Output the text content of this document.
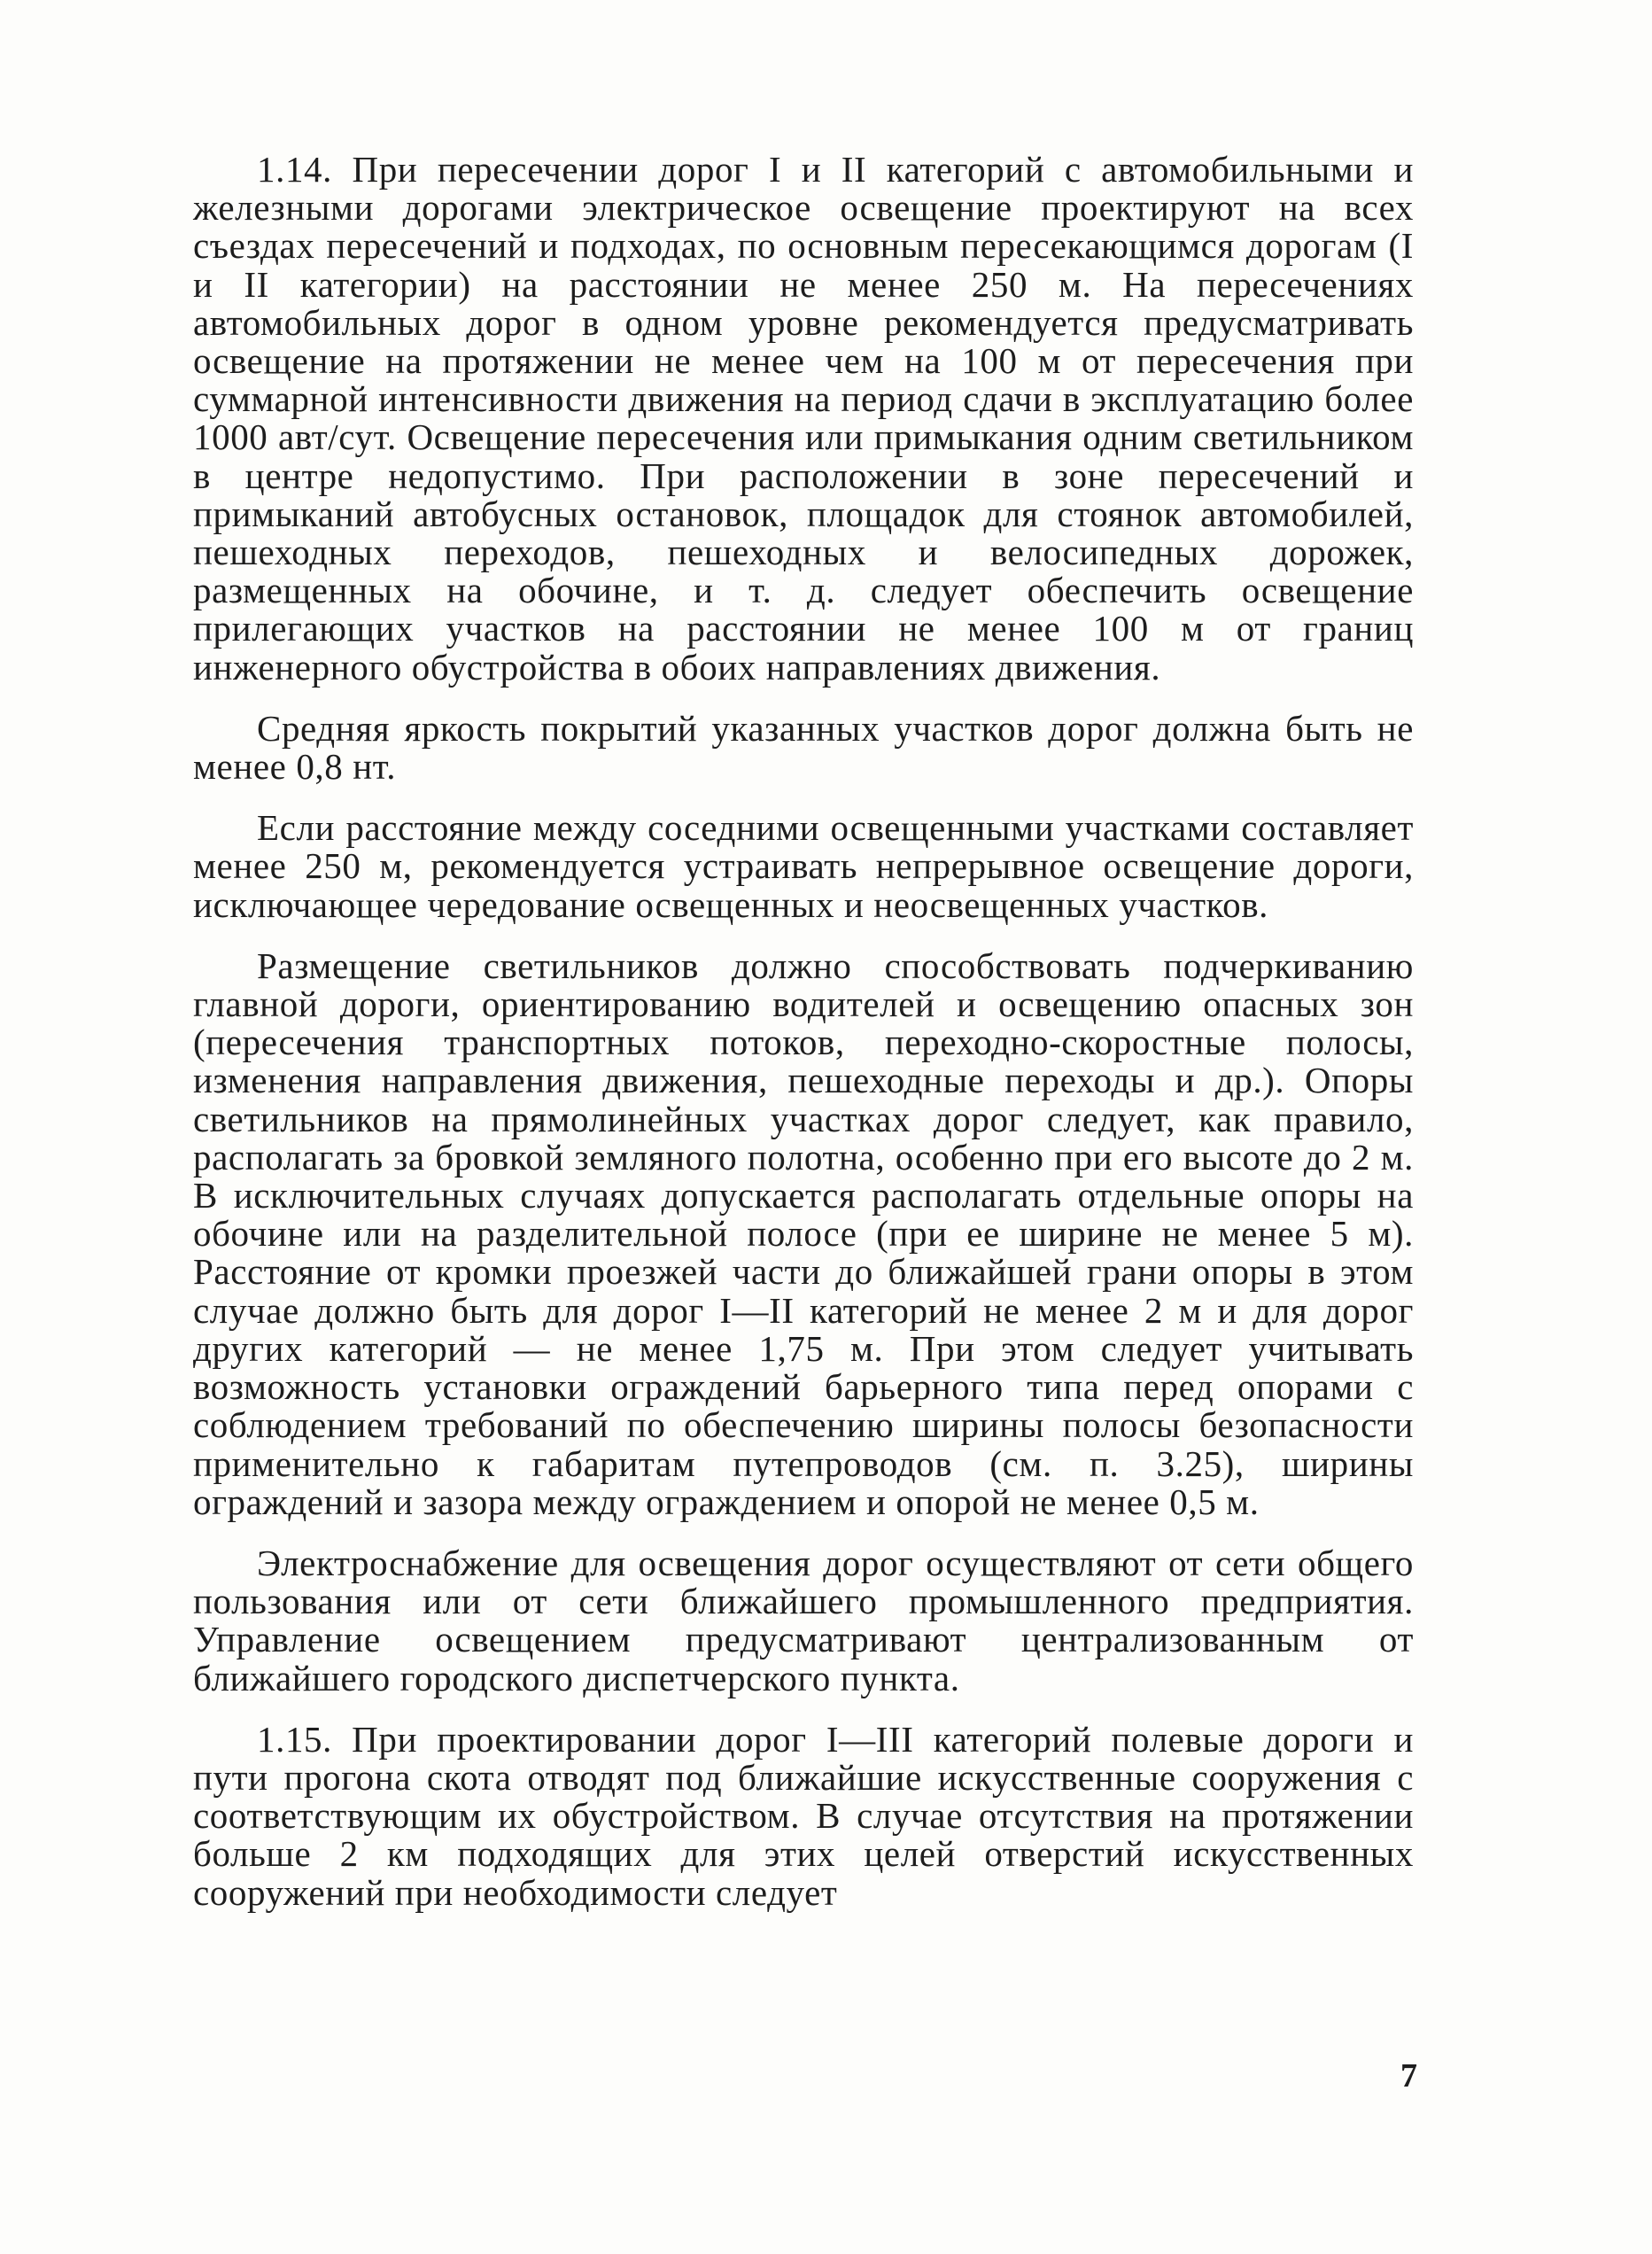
1.14. При пересечении дорог I и II категорий с автомобильными и железными дорогами электрическое освещение проектируют на всех съездах пересечений и подходах, по основным пересекающимся дорогам (I и II категории) на расстоянии не менее 250 м. На пересечениях автомобильных дорог в одном уровне рекомендуется предусматривать освещение на протяжении не менее чем на 100 м от пересечения при суммарной интенсивности движения на период сдачи в эксплуатацию более 1000 авт/сут. Освещение пересечения или примыкания одним светильником в центре недопустимо. При расположении в зоне пересечений и примыканий автобусных остановок, площадок для стоянок автомобилей, пешеходных переходов, пешеходных и велосипедных дорожек, размещенных на обочине, и т. д. следует обеспечить освещение прилегающих участков на расстоянии не менее 100 м от границ инженерного обустройства в обоих направлениях движения.

Средняя яркость покрытий указанных участков дорог должна быть не менее 0,8 нт.

Если расстояние между соседними освещенными участками составляет менее 250 м, рекомендуется устраивать непрерывное освещение дороги, исключающее чередование освещенных и неосвещенных участков.

Размещение светильников должно способствовать подчеркиванию главной дороги, ориентированию водителей и освещению опасных зон (пересечения транспортных потоков, переходно-скоростные полосы, изменения направления движения, пешеходные переходы и др.). Опоры светильников на прямолинейных участках дорог следует, как правило, располагать за бровкой земляного полотна, особенно при его высоте до 2 м. В исключительных случаях допускается располагать отдельные опоры на обочине или на разделительной полосе (при ее ширине не менее 5 м). Расстояние от кромки проезжей части до ближайшей грани опоры в этом случае должно быть для дорог I—II категорий не менее 2 м и для дорог других категорий — не менее 1,75 м. При этом следует учитывать возможность установки ограждений барьерного типа перед опорами с соблюдением требований по обеспечению ширины полосы безопасности применительно к габаритам путепроводов (см. п. 3.25), ширины ограждений и зазора между ограждением и опорой не менее 0,5 м.

Электроснабжение для освещения дорог осуществляют от сети общего пользования или от сети ближайшего промышленного предприятия. Управление освещением предусматривают централизованным от ближайшего городского диспетчерского пункта.

1.15. При проектировании дорог I—III категорий полевые дороги и пути прогона скота отводят под ближайшие искусственные сооружения с соответствующим их обустройством. В случае отсутствия на протяжении больше 2 км подходящих для этих целей отверстий искусственных сооружений при необходимости следует

7
